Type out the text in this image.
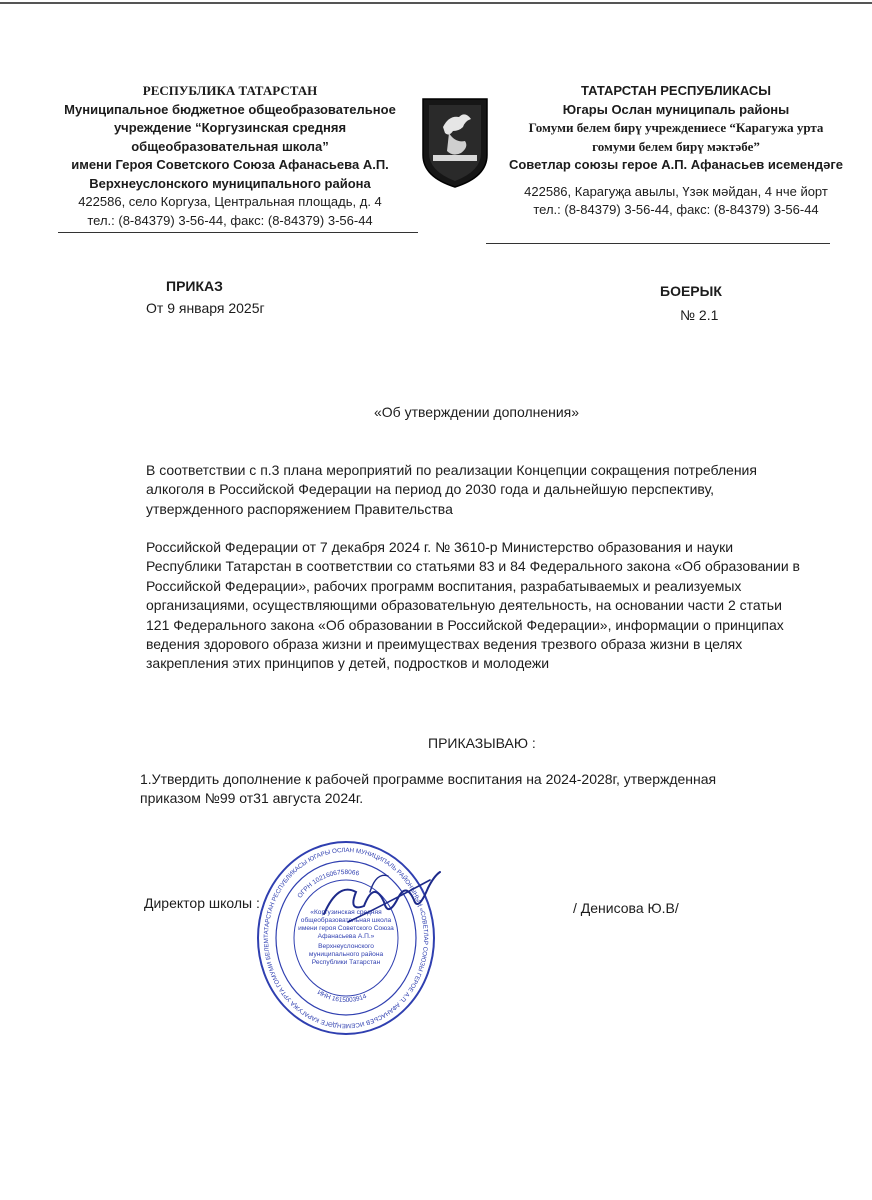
РЕСПУБЛИКА ТАТАРСТАН
Муниципальное бюджетное общеобразовательное
учреждение “Коргузинская средняя
общеобразовательная школа”
имени Героя Советского Союза Афанасьева А.П.
Верхнеуслонского муниципального района
422586, село Коргуза, Центральная площадь, д. 4
тел.: (8-84379) 3-56-44, факс: (8-84379) 3-56-44
ТАТАРСТАН РЕСПУБЛИКАСЫ
Югары Ослан муниципаль районы
Гомуми белем бирү учреждениесе “Карагужа урта
гомуми белем бирү мәктәбе”
Советлар союзы герое А.П. Афанасьев исемендәге
422586, Карагуҗа авылы, Үзәк мәйдан, 4 нче йорт
тел.: (8-84379) 3-56-44, факс: (8-84379) 3-56-44
ПРИКАЗ
От 9 января 2025г
БОЕРЫК
№ 2.1
«Об утверждении дополнения»
В соответствии с п.3 плана мероприятий по реализации Концепции сокращения потребления
алкоголя в Российской Федерации на период до 2030 года и дальнейшую перспективу,
утвержденного распоряжением Правительства
Российской Федерации от 7 декабря 2024 г. № 3610-р Министерство образования и науки
Республики Татарстан в соответствии со статьями 83 и 84 Федерального закона «Об образовании в
Российской Федерации», рабочих программ воспитания, разрабатываемых и реализуемых
организациями, осуществляющими образовательную деятельность, на основании части 2 статьи
121 Федерального закона «Об образовании в Российской Федерации», информации о принципах
ведения здорового образа жизни и преимуществах ведения трезвого образа жизни в целях
закрепления этих принципов у детей, подростков и молодежи
ПРИКАЗЫВАЮ :
1.Утвердить дополнение к рабочей программе воспитания на 2024-2028г, утвержденная
приказом №99 от31 августа 2024г.
Директор школы :	/ Денисова Ю.В/
ТАТАРСТАН РЕСПУБЛИКАСЫ ЮГАРЫ ОСЛАН МУНИЦИПАЛЬ РАЙОНЫНЫҢ «СОВЕТЛАР СОЮЗЫ ГЕРОЕ А.П. АФАНАСЬЕВ ИСЕМЕНДӘГЕ КАРАГУҖА УРТА ГОМУМИ БЕЛЕМ
ОГРН 1021606758066
ИНН 1615003914
«Коргузинская средняя
общеобразовательная школа
имени героя Советского Союза
Афанасьева А.П.»
Верхнеуслонского
муниципального района
Республики Татарстан
